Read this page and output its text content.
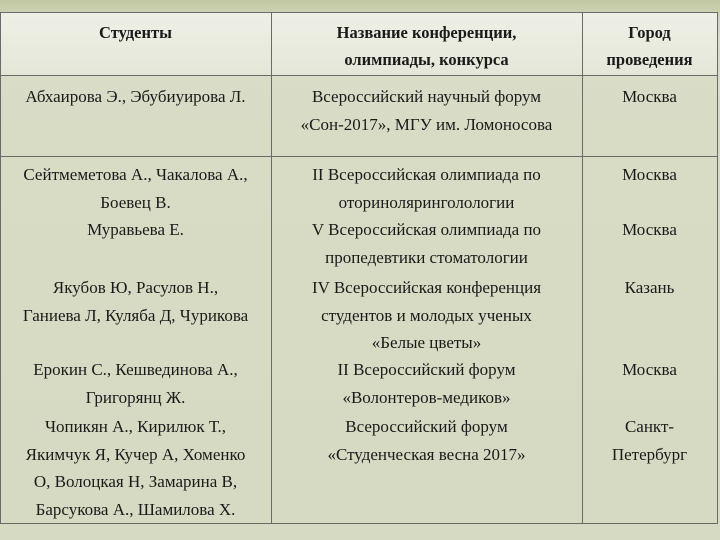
Студенты	Название конференции,
олимпиады, конкурса
Город
проведения
Абхаирова Э., Эбубиуирова Л.	Всероссийский научный форум
«Сон-2017», МГУ им. Ломоносова
Москва
Сейтмеметова А., Чакалова А.,
Боевец В.
Муравьева Е.
II Всероссийская олимпиада по
оториноляринголологии
V Всероссийская олимпиада по
пропедевтики стоматологии
Москва
Москва
Якубов Ю, Расулов Н.,
Ганиева Л, Куляба Д, Чурикова
IV Всероссийская конференция
студентов и молодых ученых
«Белые цветы»
Казань
Ерокин С., Кешвединова А.,
Григорянц Ж.
II Всероссийский форум
«Волонтеров-медиков»
Москва
Чопикян А., Кирилюк Т.,
Якимчук Я, Кучер А, Хоменко
О, Волоцкая Н, Замарина В,
Барсукова А., Шамилова Х.
Всероссийский форум
«Студенческая весна 2017»
Санкт-
Петербург
